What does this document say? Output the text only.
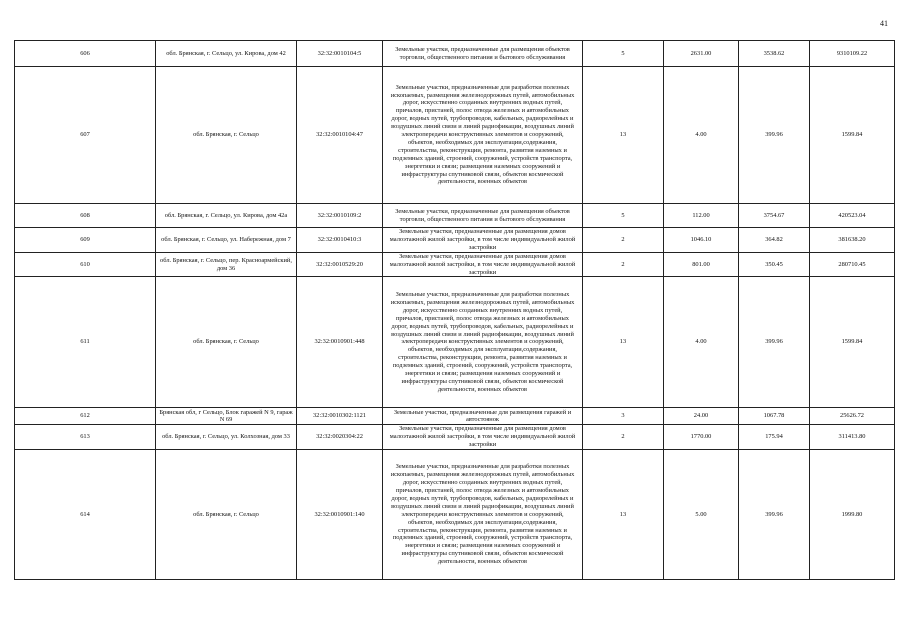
41
606	обл. Брянская, г. Сельцо, ул. Кирова, дом 42	32:32:0010104:5	Земельные участки, предназначенные для размещения объектов торговли, общественного питания и бытового обслуживания	5	2631.00	3538.62	9310109.22
607	обл. Брянская, г. Сельцо	32:32:0010104:47	Земельные участки, предназначенные для разработки полезных ископаемых, размещения железнодорожных путей, автомобильных дорог, искусственно созданных внутренних водных путей, причалов, пристаней, полос отвода железных и автомобильных дорог, водных путей, трубопроводов, кабельных, радиорелейных и воздушных линий связи и линий радиофикации, воздушных линий электропередачи конструктивных элементов и сооружений, объектов, необходимых для эксплуатации,содержания, строительства, реконструкции, ремонта, развития наземных и подземных зданий, строений, сооружений, устройств транспорта, энергетики и связи; размещения наземных сооружений и инфраструктуры спутниковой связи, объектов космической деятельности, военных объектов	13	4.00	399.96	1599.84
608	обл. Брянская, г. Сельцо, ул. Кирова, дом 42а	32:32:0010109:2	Земельные участки, предназначенные для размещения объектов торговли, общественного питания и бытового обслуживания	5	112.00	3754.67	420523.04
609	обл. Брянская, г. Сельцо, ул. Набережная, дом 7	32:32:0010410:3	Земельные участки, предназначенные для размещения домов малоэтажной жилой застройки, в том числе индивидуальной жилой застройки	2	1046.10	364.82	381638.20
610	обл. Брянская, г. Сельцо, пер. Красноармейский, дом 36	32:32:0010529:20	Земельные участки, предназначенные для размещения домов малоэтажной жилой застройки, в том числе индивидуальной жилой застройки	2	801.00	350.45	280710.45
611	обл. Брянская, г. Сельцо	32:32:0010901:448	Земельные участки, предназначенные для разработки полезных ископаемых, размещения железнодорожных путей, автомобильных дорог, искусственно созданных внутренних водных путей, причалов, пристаней, полос отвода железных и автомобильных дорог, водных путей, трубопроводов, кабельных, радиорелейных и воздушных линий связи и линий радиофикации, воздушных линий электропередачи конструктивных элементов и сооружений, объектов, необходимых для эксплуатации,содержания, строительства, реконструкции, ремонта, развития наземных и подземных зданий, строений, сооружений, устройств транспорта, энергетики и связи; размещения наземных сооружений и инфраструктуры спутниковой связи, объектов космической деятельности, военных объектов	13	4.00	399.96	1599.84
612	Брянская обл, г Сельцо, Блок гаражей N 9, гараж N 69	32:32:0010302:1121	Земельные участки, предназначенные для размещения гаражей и автостоянок	3	24.00	1067.78	25626.72
613	обл. Брянская, г. Сельцо, ул. Колхозная, дом 33	32:32:0020304:22	Земельные участки, предназначенные для размещения домов малоэтажной жилой застройки, в том числе индивидуальной жилой застройки	2	1770.00	175.94	311413.80
614	обл. Брянская, г. Сельцо	32:32:0010901:140	Земельные участки, предназначенные для разработки полезных ископаемых, размещения железнодорожных путей, автомобильных дорог, искусственно созданных внутренних водных путей, причалов, пристаней, полос отвода железных и автомобильных дорог, водных путей, трубопроводов, кабельных, радиорелейных и воздушных линий связи и линий радиофикации, воздушных линий электропередачи конструктивных элементов и сооружений, объектов, необходимых для эксплуатации,содержания, строительства, реконструкции, ремонта, развития наземных и подземных зданий, строений, сооружений, устройств транспорта, энергетики и связи; размещения наземных сооружений и инфраструктуры спутниковой связи, объектов космической деятельности, военных объектов	13	5.00	399.96	1999.80
